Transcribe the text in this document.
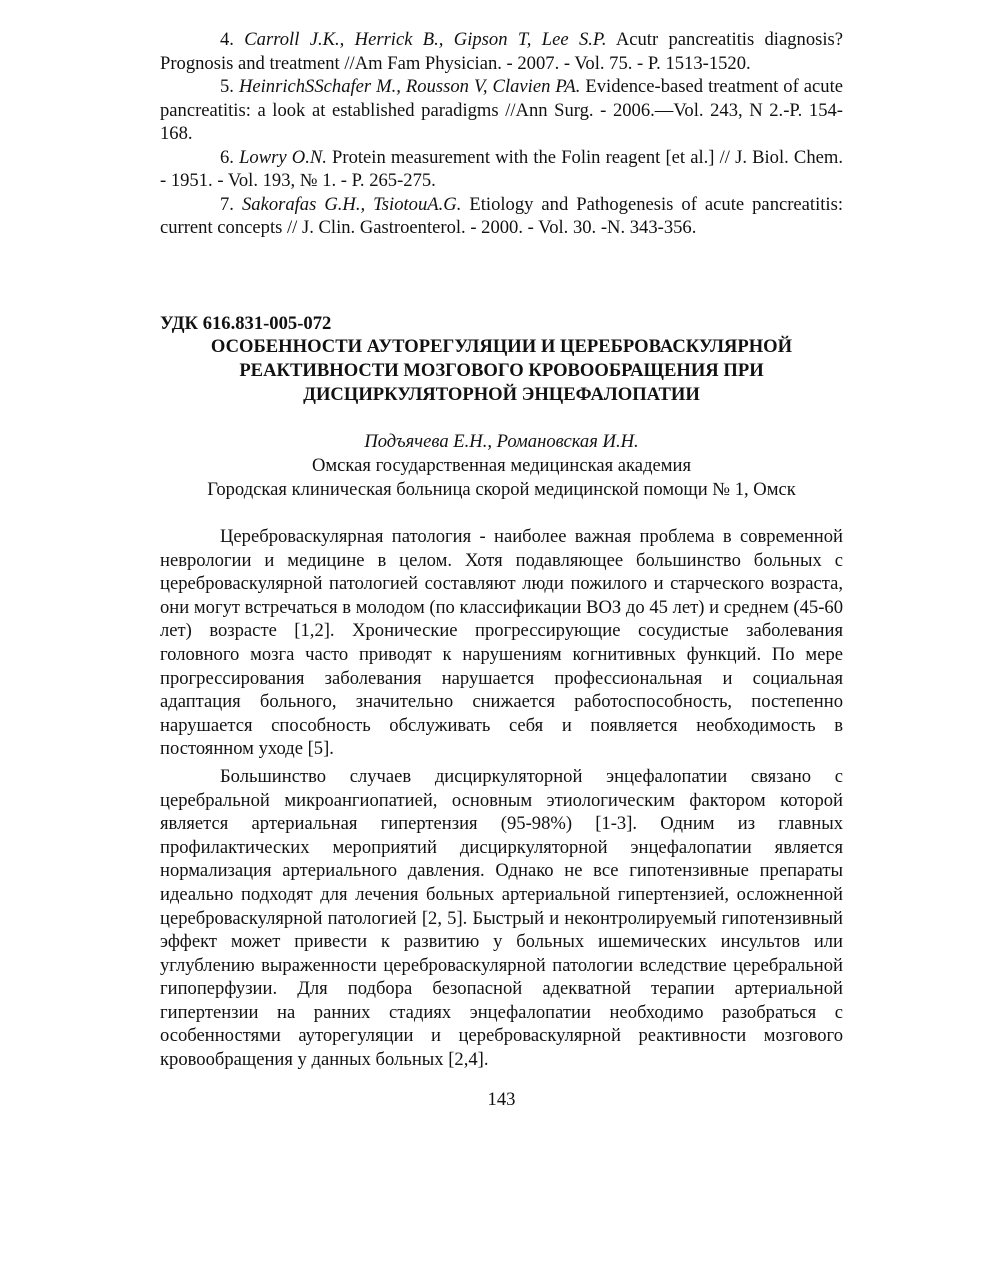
4. Carroll J.K., Herrick B., Gipson T, Lee S.P. Acutr pancreatitis diagnosis? Prognosis and treatment //Am Fam Physician. - 2007. - Vol. 75. - P. 1513-1520.

5. HeinrichSSchafer M., Rousson V, Clavien PA. Evidence-based treatment of acute pancreatitis: a look at established paradigms //Ann Surg. - 2006.—Vol. 243, N 2.-P. 154-168.

6. Lowry O.N. Protein measurement with the Folin reagent [et al.] // J. Biol. Chem. - 1951. - Vol. 193, № 1. - P. 265-275.

7. Sakorafas G.H., TsiotouA.G. Etiology and Pathogenesis of acute pancreatitis: current concepts // J. Clin. Gastroenterol. - 2000. - Vol. 30. -N. 343-356.

УДК 616.831-005-072
ОСОБЕННОСТИ АУТОРЕГУЛЯЦИИ И ЦЕРЕБРОВАСКУЛЯРНОЙ
РЕАКТИВНОСТИ МОЗГОВОГО КРОВООБРАЩЕНИЯ ПРИ
ДИСЦИРКУЛЯТОРНОЙ ЭНЦЕФАЛОПАТИИ
Подъячева Е.Н., Романовская И.Н.
Омская государственная медицинская академия
Городская клиническая больница скорой медицинской помощи № 1, Омск

Цереброваскулярная патология - наиболее важная проблема в современной неврологии и медицине в целом. Хотя подавляющее большинство больных с цереброваскулярной патологией составляют люди пожилого и старческого возраста, они могут встречаться в молодом (по классификации ВОЗ до 45 лет) и среднем (45-60 лет) возрасте [1,2]. Хронические прогрессирующие сосудистые заболевания головного мозга часто приводят к нарушениям когнитивных функций. По мере прогрессирования заболевания нарушается профессиональная и социальная адаптация больного, значительно снижается работоспособность, постепенно нарушается способность обслуживать себя и появляется необходимость в постоянном уходе [5].

Большинство случаев дисциркуляторной энцефалопатии связано с церебральной микроангиопатией, основным этиологическим фактором которой является артериальная гипертензия (95-98%) [1-3]. Одним из главных профилактических мероприятий дисциркуляторной энцефалопатии является нормализация артериального давления. Однако не все гипотензивные препараты идеально подходят для лечения больных артериальной гипертензией, осложненной цереброваскулярной патологией [2, 5]. Быстрый и неконтролируемый гипотензивный эффект может привести к развитию у больных ишемических инсультов или углублению выраженности цереброваскулярной патологии вследствие церебральной гипоперфузии. Для подбора безопасной адекватной терапии артериальной гипертензии на ранних стадиях энцефалопатии необходимо разобраться с особенностями ауторегуляции и цереброваскулярной реактивности мозгового кровообращения у данных больных [2,4].

143
